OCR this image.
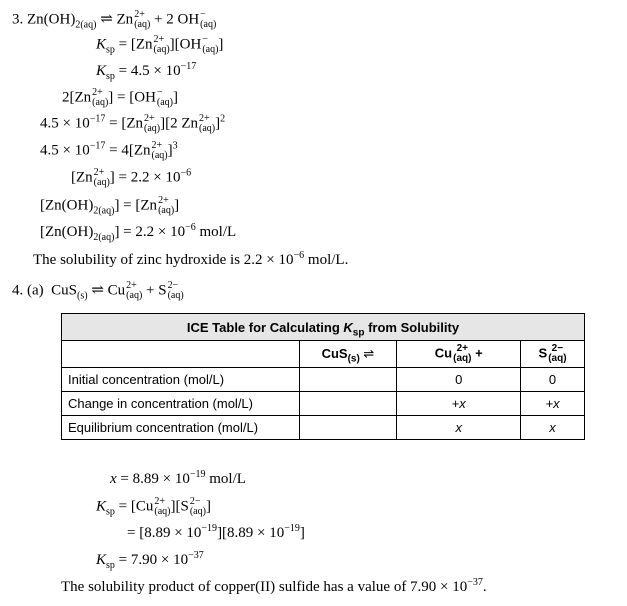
3. $Zn(OH)_{2(aq)}$ ⇌ Zn 2+
(aq) + 2 OH −
(aq)
$K_{sp} = [Zn$ 2+
(aq) ][OH −
(aq) ]
$K_{sp} = 4.5 \times 10^{-17}$
2[Zn 2+
(aq) ] = [OH −
(aq) ]
$4.5 \times 10^{-17} = [Zn$ 2+
(aq) ][2 Zn 2+
(aq) ]$^2$
$4.5 \times 10^{-17} = 4[Zn$ 2+
(aq) ]$^3$
[Zn 2+
(aq) ] = $2.2 \times 10^{-6}$
$[Zn(OH)_{2(aq)}] = [Zn$ 2+
(aq) ]
$[Zn(OH)_{2(aq)}] = 2.2 \times 10^{-6}$ mol/L
The solubility of zinc hydroxide is $2.2 \times 10^{-6}$ mol/L.
4. (a) CuS$_{(s)}$ ⇌ Cu 2+
(aq) + S 2−
(aq)
ICE Table for Calculating $K_{sp}$ from Solubility			
	CuS$_{(s)}$ ⇌	Cu 2+
(aq) +	S 2−
(aq)

Initial concentration (mol/L)		0	0
Change in concentration (mol/L)		+x	+x
Equilibrium concentration (mol/L)		x	x
$x = 8.89 \times 10^{-19}$ mol/L
$K_{sp} = [Cu$ 2+
(aq) ][S 2−
(aq) ]
= $[8.89 \times 10^{-19}][8.89 \times 10^{-19}]$
$K_{sp} = 7.90 \times 10^{-37}$
The solubility product of copper(II) sulfide has a value of $7.90 \times 10^{-37}$.
